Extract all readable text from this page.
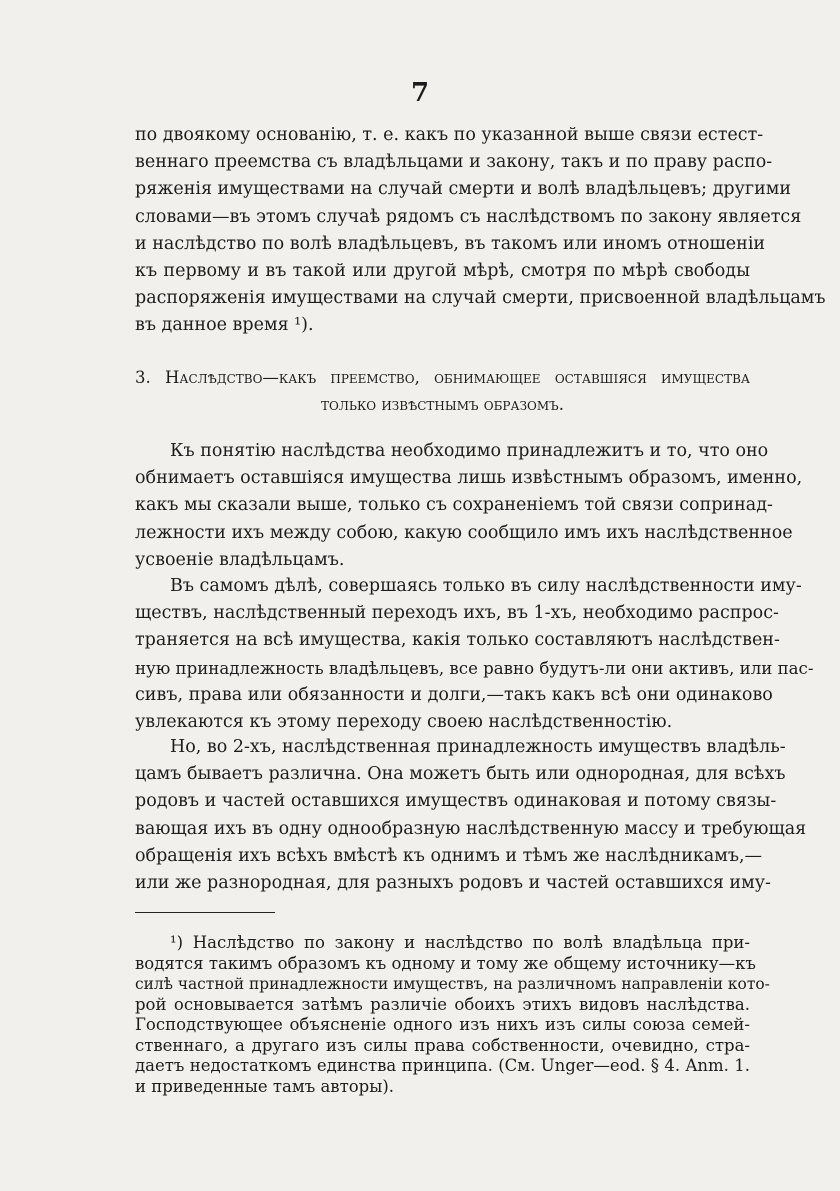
7
по двоякому основанію, т. е. какъ по указанной выше связи естест-
веннаго преемства съ владѣльцами и закону, такъ и по праву распо-
ряженія имуществами на случай смерти и волѣ владѣльцевъ; другими
словами—въ этомъ случаѣ рядомъ съ наслѣдствомъ по закону является
и наслѣдство по волѣ владѣльцевъ, въ такомъ или иномъ отношеніи
къ первому и въ такой или другой мѣрѣ, смотря по мѣрѣ свободы
распоряженія имуществами на случай смерти, присвоенной владѣльцамъ
въ данное время ¹).
3. Наслѣдство—какъ преемство, обнимающее оставшіяся имущества
только извѣстнымъ образомъ.
Къ понятію наслѣдства необходимо принадлежитъ и то, что оно
обнимаетъ оставшіяся имущества лишь извѣстнымъ образомъ, именно,
какъ мы сказали выше, только съ сохраненіемъ той связи сопринад-
лежности ихъ между собою, какую сообщило имъ ихъ наслѣдственное
усвоеніе владѣльцамъ.
Въ самомъ дѣлѣ, совершаясь только въ силу наслѣдственности иму-
ществъ, наслѣдственный переходъ ихъ, въ 1-хъ, необходимо распрос-
траняется на всѣ имущества, какія только составляютъ наслѣдствен-
ную принадлежность владѣльцевъ, все равно будутъ-ли они активъ, или пас-
сивъ, права или обязанности и долги,—такъ какъ всѣ они одинаково
увлекаются къ этому переходу своею наслѣдственностію.
Но, во 2-хъ, наслѣдственная принадлежность имуществъ владѣль-
цамъ бываетъ различна. Она можетъ быть или однородная, для всѣхъ
родовъ и частей оставшихся имуществъ одинаковая и потому связы-
вающая ихъ въ одну однообразную наслѣдственную массу и требующая
обращенія ихъ всѣхъ вмѣстѣ къ однимъ и тѣмъ же наслѣдникамъ,—
или же разнородная, для разныхъ родовъ и частей оставшихся иму-
¹) Наслѣдство по закону и наслѣдство по волѣ владѣльца при-
водятся такимъ образомъ къ одному и тому же общему источнику—къ
силѣ частной принадлежности имуществъ, на различномъ направленіи кото-
рой основывается затѣмъ различіе обоихъ этихъ видовъ наслѣдства.
Господствующее объясненіе одного изъ нихъ изъ силы союза семей-
ственнаго, а другаго изъ силы права собственности, очевидно, стра-
даетъ недостаткомъ единства принципа. (См. Unger—eod. § 4. Anm. 1.
и приведенные тамъ авторы).
